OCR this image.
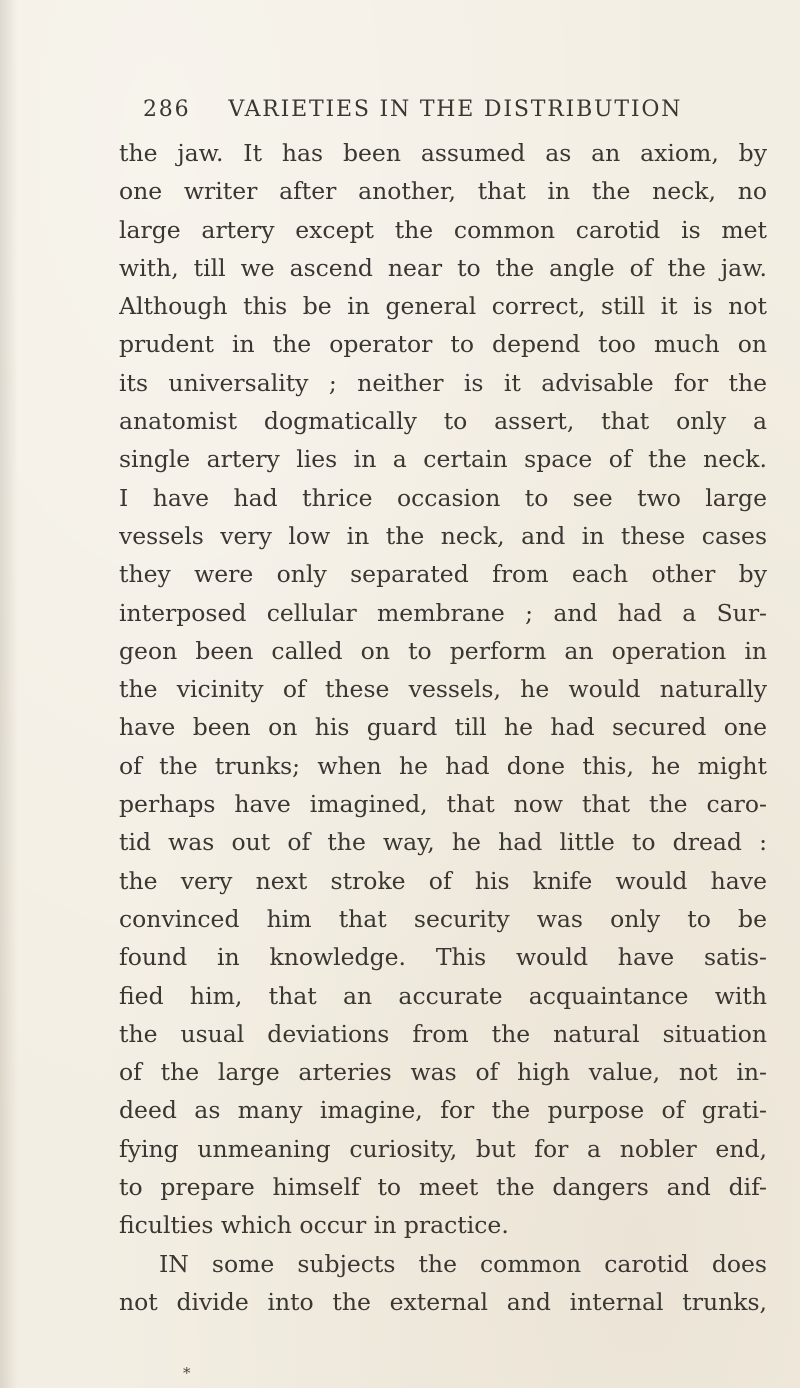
286 VARIETIES IN THE DISTRIBUTION
the jaw. It has been assumed as an axiom, by
one writer after another, that in the neck, no
large artery except the common carotid is met
with, till we ascend near to the angle of the jaw.
Although this be in general correct, still it is not
prudent in the operator to depend too much on
its universality ; neither is it advisable for the
anatomist dogmatically to assert, that only a
single artery lies in a certain space of the neck.
I have had thrice occasion to see two large
vessels very low in the neck, and in these cases
they were only separated from each other by
interposed cellular membrane ; and had a Sur-
geon been called on to perform an operation in
the vicinity of these vessels, he would naturally
have been on his guard till he had secured one
of the trunks; when he had done this, he might
perhaps have imagined, that now that the caro-
tid was out of the way, he had little to dread :
the very next stroke of his knife would have
convinced him that security was only to be
found in knowledge. This would have satis-
fied him, that an accurate acquaintance with
the usual deviations from the natural situation
of the large arteries was of high value, not in-
deed as many imagine, for the purpose of grati-
fying unmeaning curiosity, but for a nobler end,
to prepare himself to meet the dangers and dif-
ficulties which occur in practice.
IN some subjects the common carotid does
not divide into the external and internal trunks,
*
